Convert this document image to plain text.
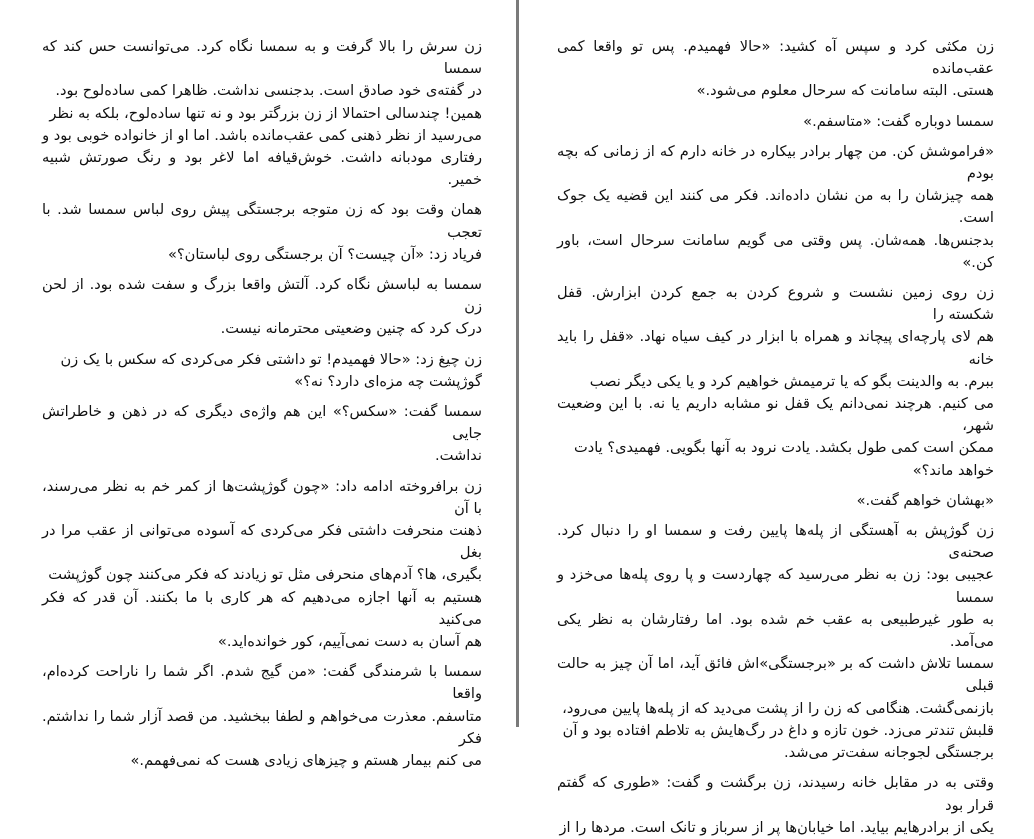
زن سرش را بالا گرفت و به سمسا نگاه کرد. می‌توانست حس کند که سمسا
در گفته‌ی خود صادق است. بدجنسی نداشت. ظاهرا کمی ساده‌لوح بود.
همین! چندسالی احتمالا از زن بزرگتر بود و نه تنها ساده‌لوح، بلکه به نظر
می‌رسید از نظر ذهنی کمی عقب‌مانده باشد. اما او از خانواده خوبی بود و
رفتاری مودبانه داشت. خوش‌قیافه اما لاغر بود و رنگ صورتش شبیه خمیر.

همان وقت بود که زن متوجه برجستگی پیش روی لباس سمسا شد. با تعجب
فریاد زد: «آن چیست؟ آن برجستگی روی لباستان؟»

سمسا به لباسش نگاه کرد. آلتش واقعا بزرگ و سفت شده بود. از لحن زن
درک کرد که چنین وضعیتی محترمانه نیست.

زن چیغ زد: «حالا فهمیدم! تو داشتی فکر می‌کردی که سکس با یک زن
گوژپشت چه مزه‌ای دارد؟ نه؟»

سمسا گفت: «سکس؟» این هم واژه‌ی دیگری که در ذهن و خاطراتش جایی
نداشت.

زن برافروخته ادامه داد: «چون گوژپشت‌ها از کمر خم به نظر می‌رسند، با آن
ذهنت منحرفت داشتی فکر می‌کردی که آسوده می‌توانی از عقب مرا در بغل
بگیری، ها؟ آدم‌های منحرفی مثل تو زیادند که فکر می‌کنند چون گوژپشت
هستیم به آنها اجازه می‌دهیم که هر کاری با ما بکنند. آن قدر که فکر می‌کنید
هم آسان به دست نمی‌آییم، کور خوانده‌اید.»

سمسا با شرمندگی گفت: «من گیج شدم. اگر شما را ناراحت کرده‌ام، واقعا
متاسفم. معذرت می‌خواهم و لطفا ببخشید. من قصد آزار شما را نداشتم. فکر
می کنم بیمار هستم و چیزهای زیادی هست که نمی‌فهمم.»

زن مکثی کرد و سپس آه کشید: «حالا فهمیدم. پس تو واقعا کمی عقب‌مانده
هستی. البته سامانت که سرحال معلوم می‌شود.»

سمسا دوباره گفت: «متاسفم.»

«فراموشش کن. من چهار برادر بیکاره در خانه دارم که از زمانی که بچه بودم
همه چیزشان را به من نشان داده‌اند. فکر می کنند این قضیه یک جوک است.
بدجنس‌ها. همه‌شان. پس وقتی می گویم سامانت سرحال است، باور کن.»

زن روی زمین نشست و شروع کردن به جمع کردن ابزارش. قفل شکسته را
هم لای پارچه‌ای پیچاند و همراه با ابزار در کیف سیاه نهاد. «قفل را باید خانه
ببرم. به والدینت بگو که یا ترمیمش خواهیم کرد و یا یکی دیگر نصب
می کنیم. هرچند نمی‌دانم یک قفل نو مشابه داریم یا نه. با این وضعیت شهر،
ممکن است کمی طول بکشد. یادت نرود به آنها بگویی. فهمیدی؟ یادت
خواهد ماند؟»

«بهشان خواهم گفت.»

زن گوژپش به آهستگی از پله‌ها پایین رفت و سمسا او را دنبال کرد. صحنه‌ی
عجیبی بود: زن به نظر می‌رسید که چهاردست و پا روی پله‌ها می‌خزد و سمسا
به طور غیرطبیعی به عقب خم شده بود. اما رفتارشان به نظر یکی می‌آمد.
سمسا تلاش داشت که بر «برجستگی»اش فائق آید، اما آن چیز به حالت قبلی
بازنمی‌گشت. هنگامی که زن را از پشت می‌دید که از پله‌ها پایین می‌رود،
قلبش تندتر می‌زد. خون تازه و داغ در رگ‌هایش به تلاطم افتاده بود و آن
برجستگی لجوجانه سفت‌تر می‌شد.

وقتی به در مقابل خانه رسیدند، زن برگشت و گفت: «طوری که گفتم قرار بود
یکی از برادرهایم بیاید. اما خیابان‌ها پر از سرباز و تانک است. مردها را از
